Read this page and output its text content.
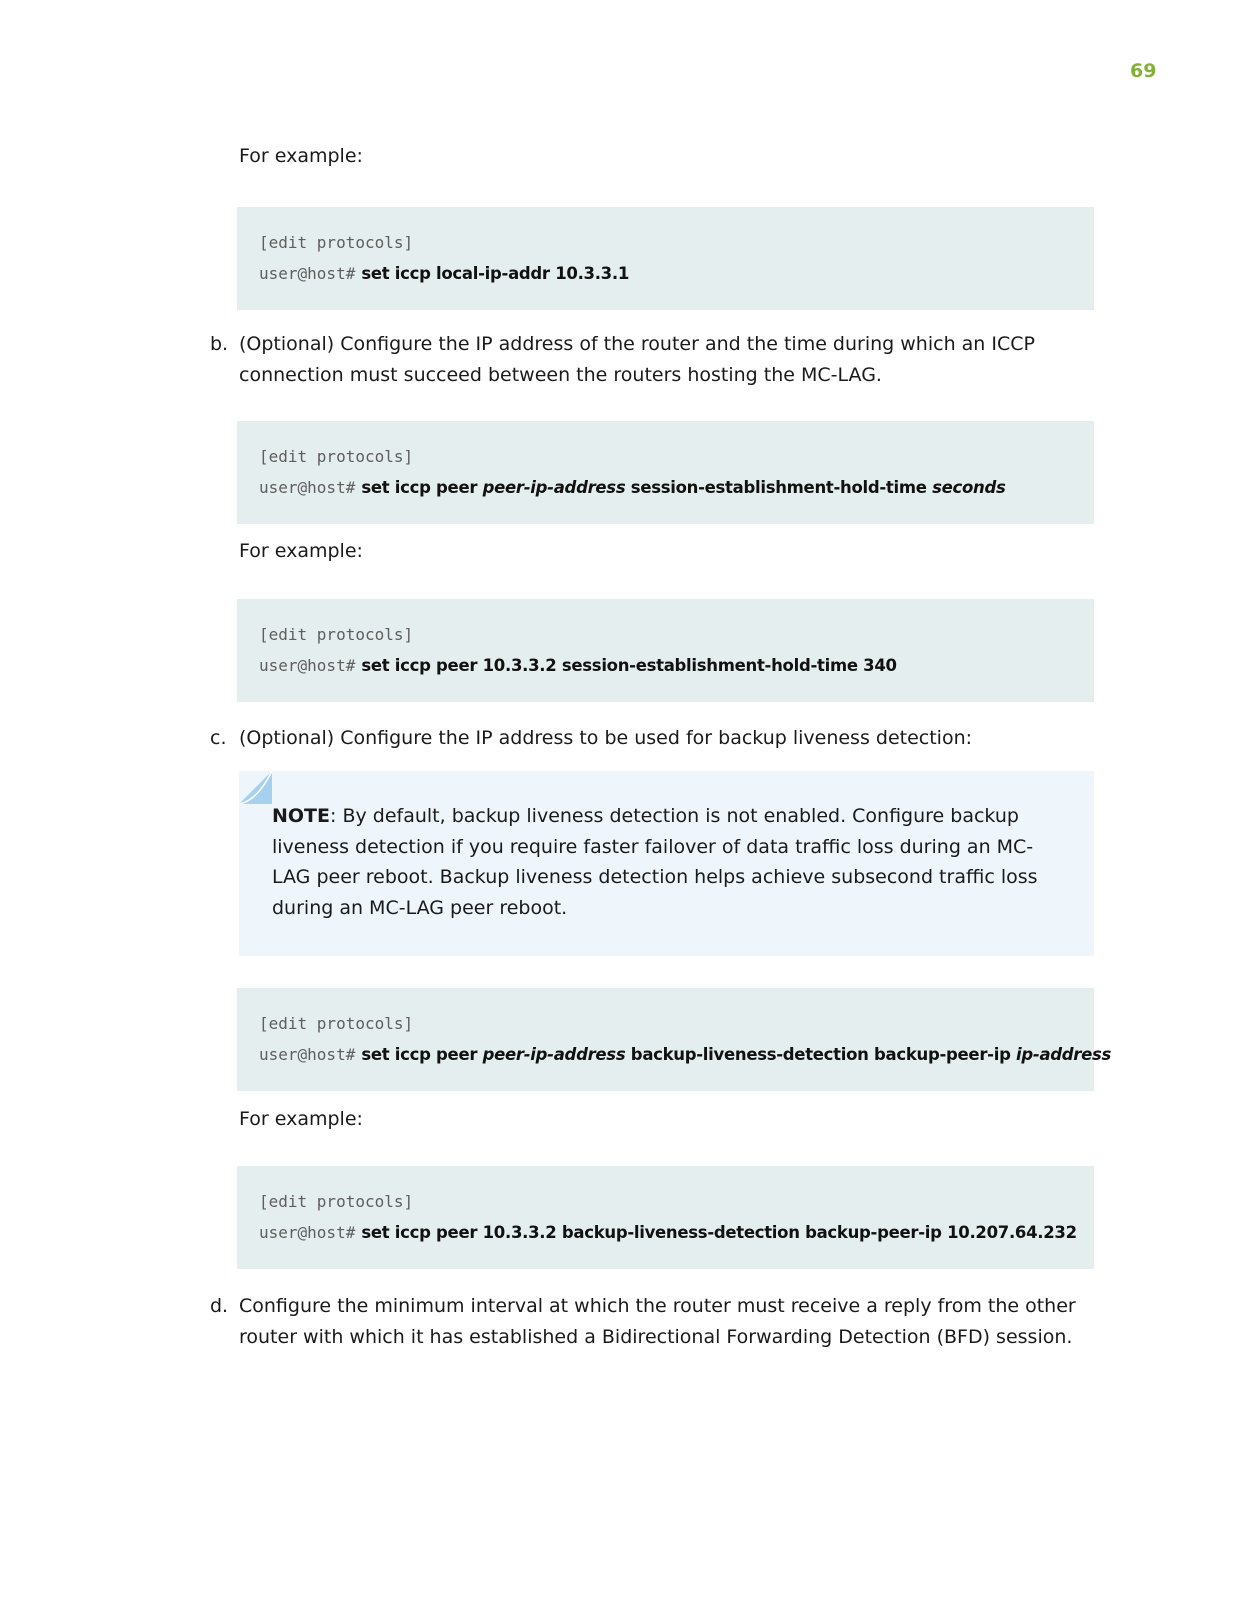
69
For example:
[edit protocols]
user@host# set iccp local-ip-addr 10.3.3.1
b. (Optional) Configure the IP address of the router and the time during which an ICCP connection must succeed between the routers hosting the MC-LAG.
[edit protocols]
user@host# set iccp peer peer-ip-address session-establishment-hold-time seconds
For example:
[edit protocols]
user@host# set iccp peer 10.3.3.2 session-establishment-hold-time 340
c. (Optional) Configure the IP address to be used for backup liveness detection:
NOTE: By default, backup liveness detection is not enabled. Configure backup liveness detection if you require faster failover of data traffic loss during an MC-LAG peer reboot. Backup liveness detection helps achieve subsecond traffic loss during an MC-LAG peer reboot.
[edit protocols]
user@host# set iccp peer peer-ip-address backup-liveness-detection backup-peer-ip ip-address
For example:
[edit protocols]
user@host# set iccp peer 10.3.3.2 backup-liveness-detection backup-peer-ip 10.207.64.232
d. Configure the minimum interval at which the router must receive a reply from the other router with which it has established a Bidirectional Forwarding Detection (BFD) session.
